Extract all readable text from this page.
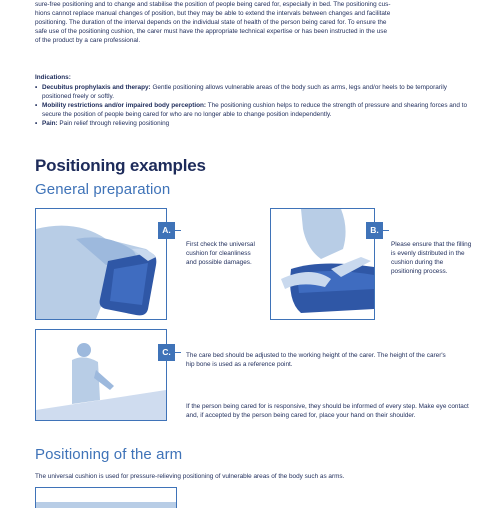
sure-free positioning and to change and stabilise the position of people being cared for, especially in bed. The positioning cus-
hions cannot replace manual changes of position, but they may be able to extend the intervals between changes and facilitate
positioning. The duration of the interval depends on the individual state of health of the person being cared for. To ensure the
safe use of the positioning cushion, the carer must have the appropriate technical expertise or has been instructed in the use
of the product by a care professional.
Indications:
• Decubitus prophylaxis and therapy: Gentle positioning allows vulnerable areas of the body such as arms, legs and/or heels to be temporarily positioned freely or softly.
• Mobility restrictions and/or impaired body perception: The positioning cushion helps to reduce the strength of pressure and shearing forces and to secure the position of people being cared for who are no longer able to change position independently.
• Pain: Pain relief through relieving positioning
Positioning examples
General preparation
A.
First check the universal cushion for cleanliness and possible damages.
B.
Please ensure that the filling is evenly distributed in the cushion during the positioning process.
C.	The care bed should be adjusted to the working height of the carer. The height of the carer's hip bone is used as a reference point.
If the person being cared for is responsive, they should be informed of every step. Make eye contact and, if accepted by the person being cared for, place your hand on their shoulder.
Positioning of the arm
The universal cushion is used for pressure-relieving positioning of vulnerable areas of the body such as arms.
